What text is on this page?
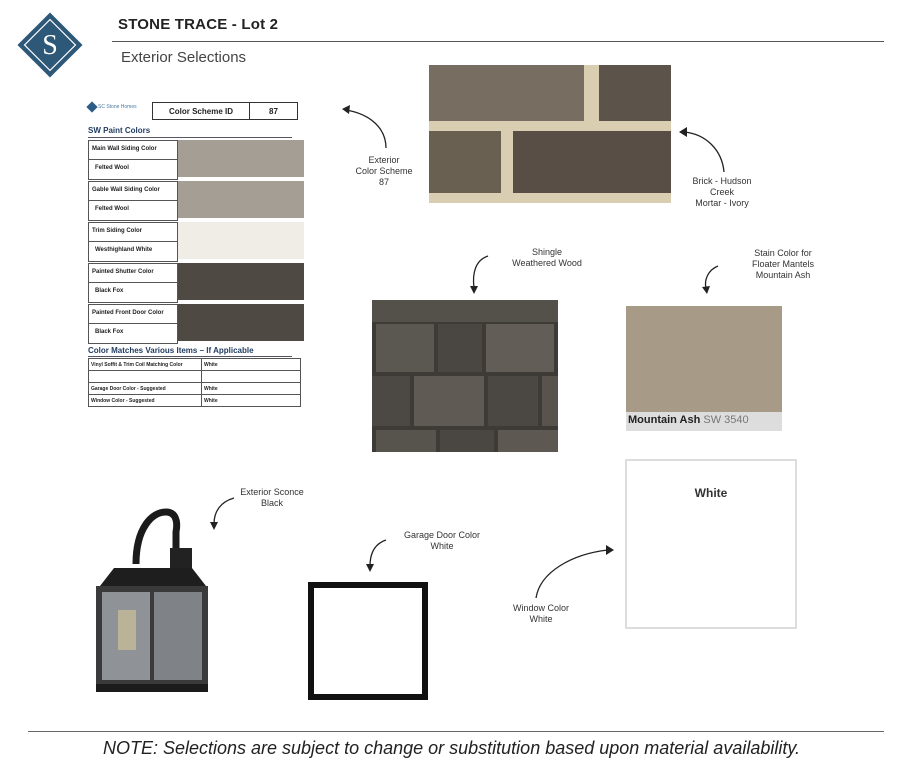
S
STONE TRACE - Lot 2
Exterior Selections
SC Stone Homes	Color Scheme ID	87
SW Paint Colors
Main Wall Siding Color
Felted Wool
Gable Wall Siding Color
Felted Wool
Trim Siding Color
Westhighland White
Painted Shutter Color
Black Fox
Painted Front Door Color
Black Fox
Color Matches Various Items – If Applicable
Vinyl Soffit & Trim Coil Matching Color	White

Garage Door Color - Suggested	White
Window Color - Suggested	White
Exterior
Color Scheme
87	Brick - Hudson
Creek
Mortar - Ivory
Shingle
Weathered Wood
Stain Color for
Floater Mantels
Mountain Ash
Mountain Ash SW 3540
Exterior Sconce
Black
Garage Door Color
White
Window Color
White
White
NOTE: Selections are subject to change or substitution based upon material availability.
